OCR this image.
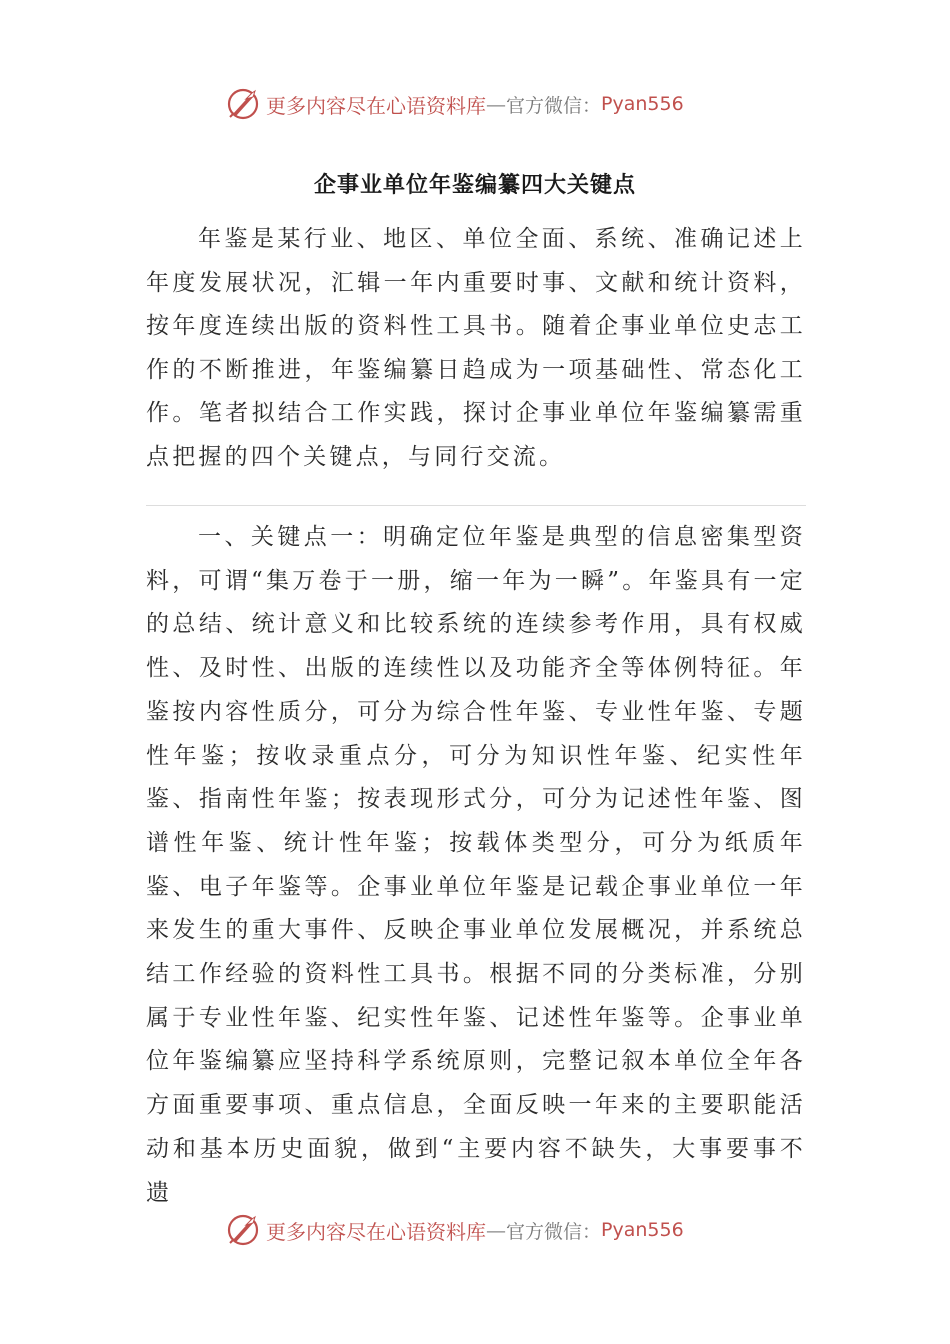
更多内容尽在心语资料库 — 官方微信： Pyan556
企事业单位年鉴编纂四大关键点

年鉴是某行业、地区、单位全面、系统、准确记述上年度发展状况，汇辑一年内重要时事、文献和统计资料，按年度连续出版的资料性工具书。随着企事业单位史志工作的不断推进，年鉴编纂日趋成为一项基础性、常态化工作。笔者拟结合工作实践，探讨企事业单位年鉴编纂需重点把握的四个关键点，与同行交流。

一、关键点一：明确定位年鉴是典型的信息密集型资料，可谓“集万卷于一册，缩一年为一瞬”。年鉴具有一定的总结、统计意义和比较系统的连续参考作用，具有权威性、及时性、出版的连续性以及功能齐全等体例特征。年鉴按内容性质分，可分为综合性年鉴、专业性年鉴、专题性年鉴；按收录重点分，可分为知识性年鉴、纪实性年鉴、指南性年鉴；按表现形式分，可分为记述性年鉴、图谱性年鉴、统计性年鉴；按载体类型分，可分为纸质年鉴、电子年鉴等。企事业单位年鉴是记载企事业单位一年来发生的重大事件、反映企事业单位发展概况，并系统总结工作经验的资料性工具书。根据不同的分类标准，分别属于专业性年鉴、纪实性年鉴、记述性年鉴等。企事业单位年鉴编纂应坚持科学系统原则，完整记叙本单位全年各方面重要事项、重点信息，全面反映一年来的主要职能活动和基本历史面貌，做到“主要内容不缺失，大事要事不遗

更多内容尽在心语资料库 — 官方微信： Pyan556
